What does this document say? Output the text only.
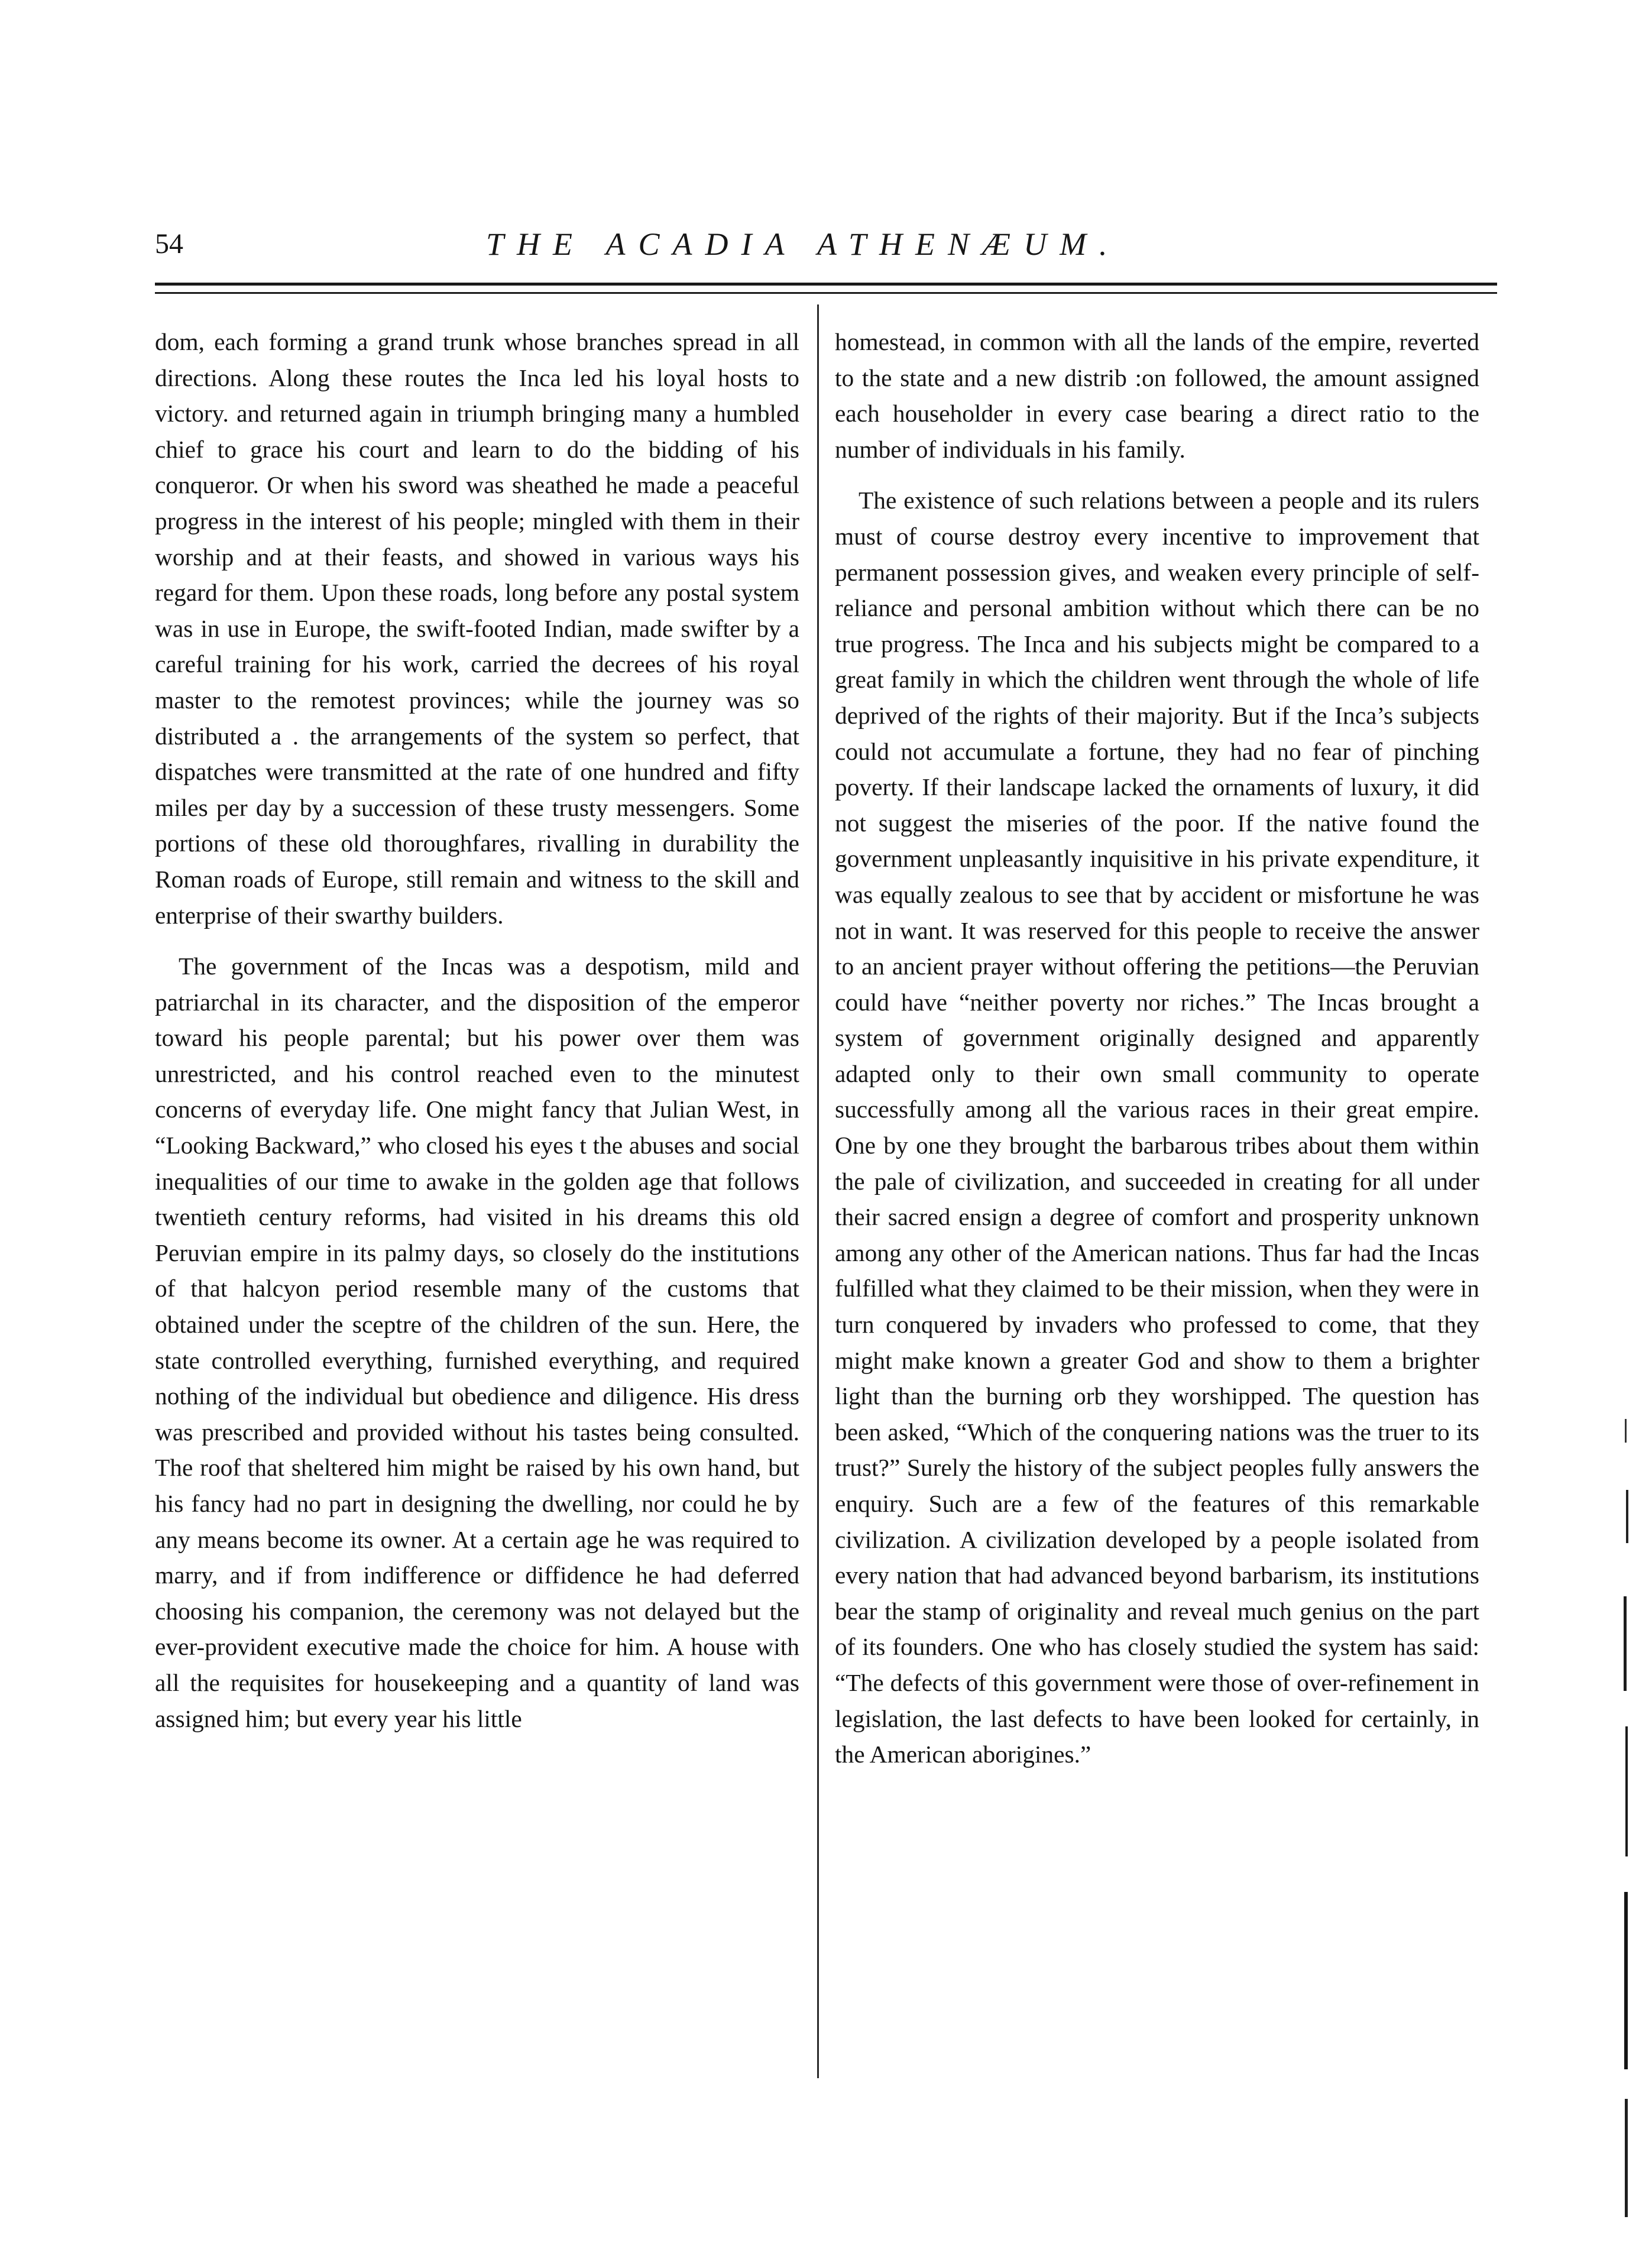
54	THE ACADIA ATHENÆUM.

dom, each forming a grand trunk whose branches spread in all directions. Along these routes the Inca led his loyal hosts to victory. and returned again in triumph bringing many a humbled chief to grace his court and learn to do the bidding of his conqueror. Or when his sword was sheathed he made a peaceful progress in the interest of his people; mingled with them in their worship and at their feasts, and showed in various ways his regard for them. Upon these roads, long before any postal system was in use in Europe, the swift-footed Indian, made swifter by a careful training for his work, carried the decrees of his royal master to the remotest provinces; while the journey was so distributed a . the arrangements of the system so perfect, that dispatches were transmitted at the rate of one hundred and fifty miles per day by a succession of these trusty messengers. Some portions of these old thoroughfares, rivalling in durability the Roman roads of Europe, still remain and witness to the skill and enterprise of their swarthy builders.

The government of the Incas was a despotism, mild and patriarchal in its character, and the disposition of the emperor toward his people parental; but his power over them was unrestricted, and his control reached even to the minutest concerns of everyday life. One might fancy that Julian West, in “Looking Backward,” who closed his eyes t the abuses and social inequalities of our time to awake in the golden age that follows twentieth century reforms, had visited in his dreams this old Peruvian empire in its palmy days, so closely do the institutions of that halcyon period resemble many of the customs that obtained under the sceptre of the children of the sun. Here, the state controlled everything, furnished everything, and required nothing of the individual but obedience and diligence. His dress was prescribed and provided without his tastes being consulted. The roof that sheltered him might be raised by his own hand, but his fancy had no part in designing the dwelling, nor could he by any means become its owner. At a certain age he was required to marry, and if from indifference or diffidence he had deferred choosing his companion, the ceremony was not delayed but the ever-provident executive made the choice for him. A house with all the requisites for housekeeping and a quantity of land was assigned him; but every year his little

homestead, in common with all the lands of the empire, reverted to the state and a new distrib :on followed, the amount assigned each householder in every case bearing a direct ratio to the number of individuals in his family.

The existence of such relations between a people and its rulers must of course destroy every incentive to improvement that permanent possession gives, and weaken every principle of self-reliance and personal ambition without which there can be no true progress. The Inca and his subjects might be compared to a great family in which the children went through the whole of life deprived of the rights of their majority. But if the Inca’s subjects could not accumulate a fortune, they had no fear of pinching poverty. If their landscape lacked the ornaments of luxury, it did not suggest the miseries of the poor. If the native found the government unpleasantly inquisitive in his private expenditure, it was equally zealous to see that by accident or misfortune he was not in want. It was reserved for this people to receive the answer to an ancient prayer without offering the petitions—the Peruvian could have “neither poverty nor riches.” The Incas brought a system of government originally designed and apparently adapted only to their own small community to operate successfully among all the various races in their great empire. One by one they brought the barbarous tribes about them within the pale of civilization, and succeeded in creating for all under their sacred ensign a degree of comfort and prosperity unknown among any other of the American nations. Thus far had the Incas fulfilled what they claimed to be their mission, when they were in turn conquered by invaders who professed to come, that they might make known a greater God and show to them a brighter light than the burning orb they worshipped. The question has been asked, “Which of the conquering nations was the truer to its trust?” Surely the history of the subject peoples fully answers the enquiry. Such are a few of the features of this remarkable civilization. A civilization developed by a people isolated from every nation that had advanced beyond barbarism, its institutions bear the stamp of originality and reveal much genius on the part of its founders. One who has closely studied the system has said: “The defects of this government were those of over-refinement in legislation, the last defects to have been looked for certainly, in the American aborigines.”
